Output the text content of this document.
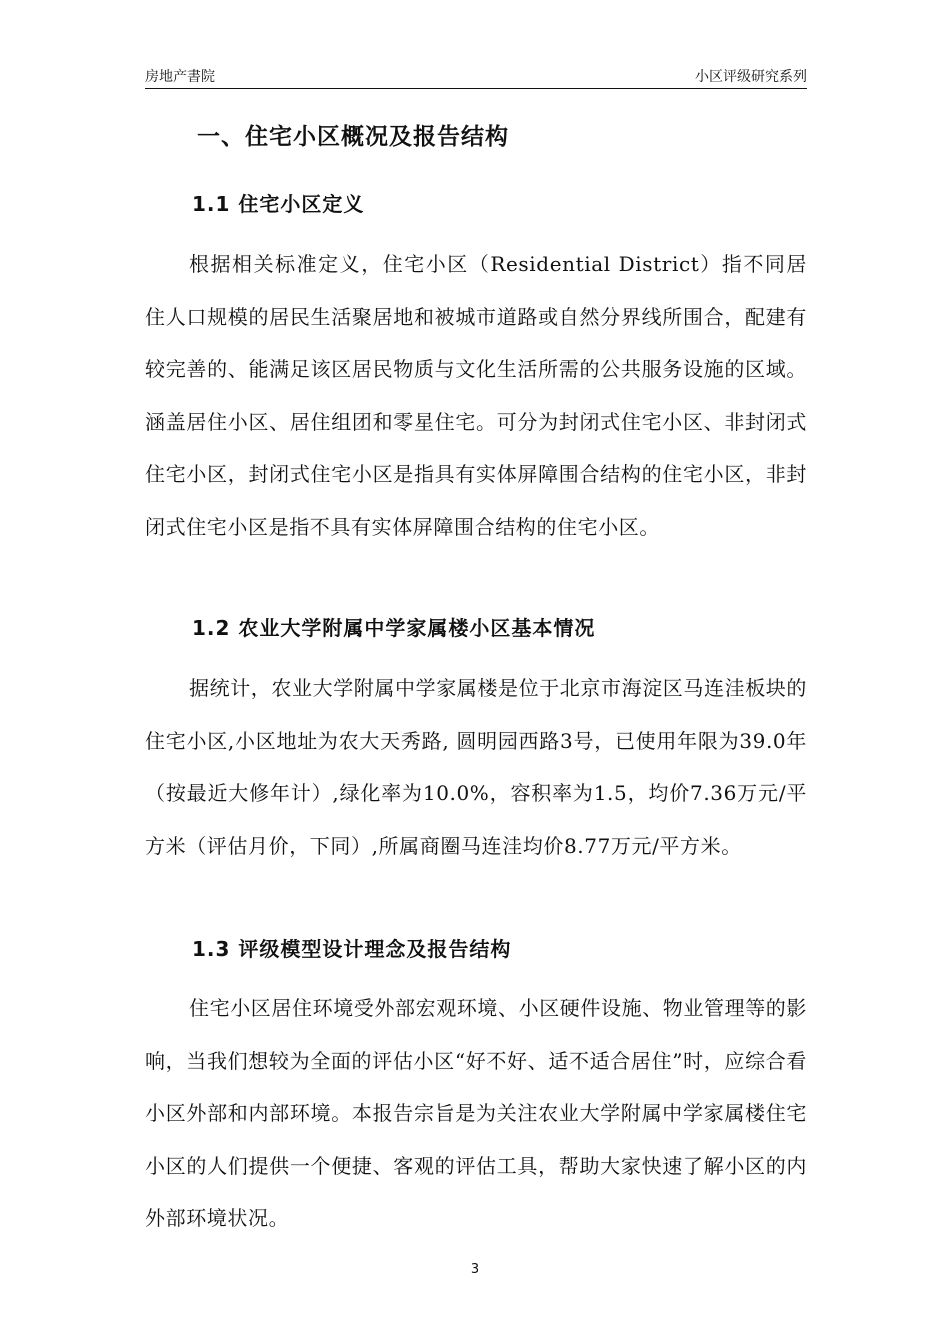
房地产書院	小区评级研究系列
一、住宅小区概况及报告结构
1.1 住宅小区定义
根据相关标准定义，住宅小区（Residential District）指不同居住人口规模的居民生活聚居地和被城市道路或自然分界线所围合，配建有较完善的、能满足该区居民物质与文化生活所需的公共服务设施的区域。涵盖居住小区、居住组团和零星住宅。可分为封闭式住宅小区、非封闭式住宅小区，封闭式住宅小区是指具有实体屏障围合结构的住宅小区，非封闭式住宅小区是指不具有实体屏障围合结构的住宅小区。
1.2 农业大学附属中学家属楼小区基本情况
据统计，农业大学附属中学家属楼是位于北京市海淀区马连洼板块的住宅小区,小区地址为农大天秀路, 圆明园西路3号，已使用年限为39.0年（按最近大修年计）,绿化率为10.0%，容积率为1.5，均价7.36万元/平方米（评估月价，下同）,所属商圈马连洼均价8.77万元/平方米。
1.3 评级模型设计理念及报告结构
住宅小区居住环境受外部宏观环境、小区硬件设施、物业管理等的影响，当我们想较为全面的评估小区“好不好、适不适合居住”时，应综合看小区外部和内部环境。本报告宗旨是为关注农业大学附属中学家属楼住宅小区的人们提供一个便捷、客观的评估工具，帮助大家快速了解小区的内外部环境状况。
3
